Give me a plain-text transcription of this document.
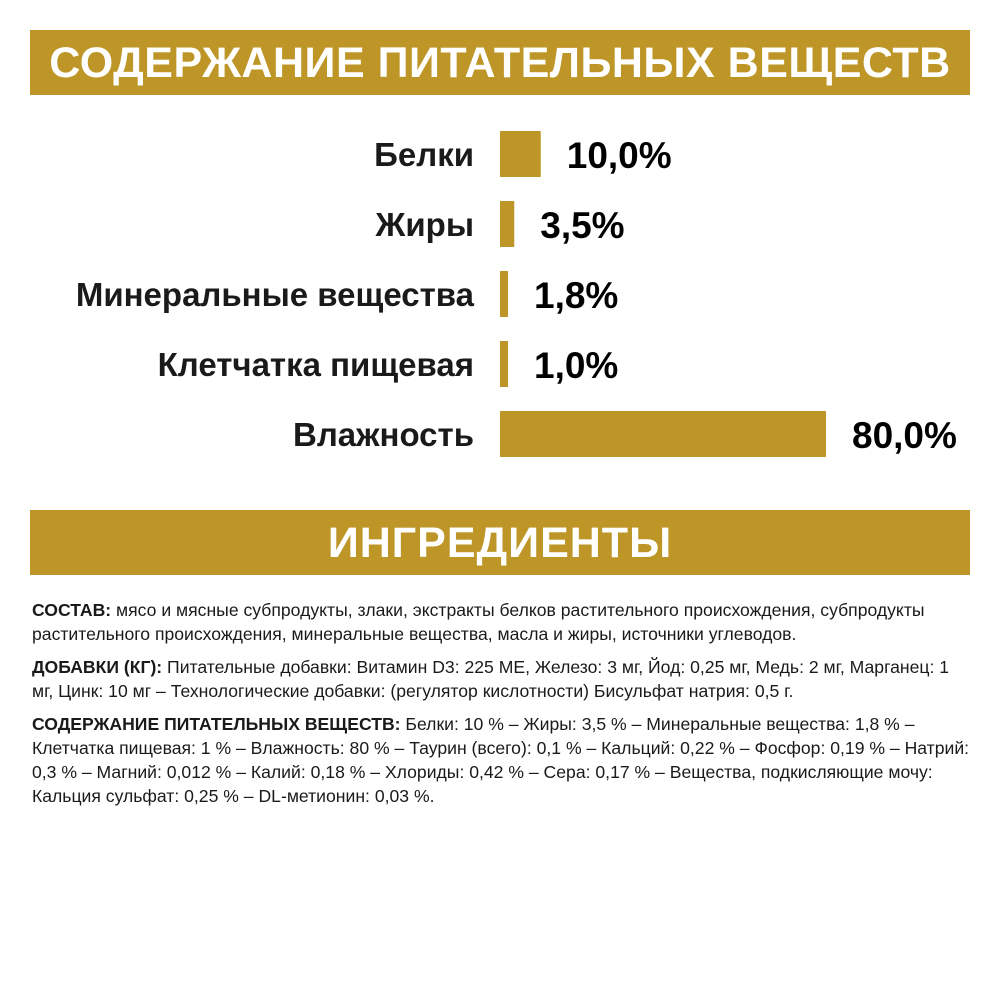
СОДЕРЖАНИЕ ПИТАТЕЛЬНЫХ ВЕЩЕСТВ
Белки	10,0%
Жиры 3,5%
Минеральные вещества 1,8%
Клетчатка пищевая 1,0%
Влажность	80,0%
ИНГРЕДИЕНТЫ

СОСТАВ: мясо и мясные субпродукты, злаки, экстракты белков растительного происхождения, субпродукты растительного происхождения, минеральные вещества, масла и жиры, источники углеводов.

ДОБАВКИ (КГ): Питательные добавки: Витамин D3: 225 МЕ, Железо: 3 мг, Йод: 0,25 мг, Медь: 2 мг, Марганец: 1 мг, Цинк: 10 мг – Технологические добавки: (регулятор кислотности) Бисульфат натрия: 0,5 г.

СОДЕРЖАНИЕ ПИТАТЕЛЬНЫХ ВЕЩЕСТВ: Белки: 10 % – Жиры: 3,5 % – Минеральные вещества: 1,8 % – Клетчатка пищевая: 1 % – Влажность: 80 % – Таурин (всего): 0,1 % – Кальций: 0,22 % – Фосфор: 0,19 % – Натрий: 0,3 % – Магний: 0,012 % – Калий: 0,18 % – Хлориды: 0,42 % – Сера: 0,17 % – Вещества, подкисляющие мочу: Кальция сульфат: 0,25 % – DL-метионин: 0,03 %.
